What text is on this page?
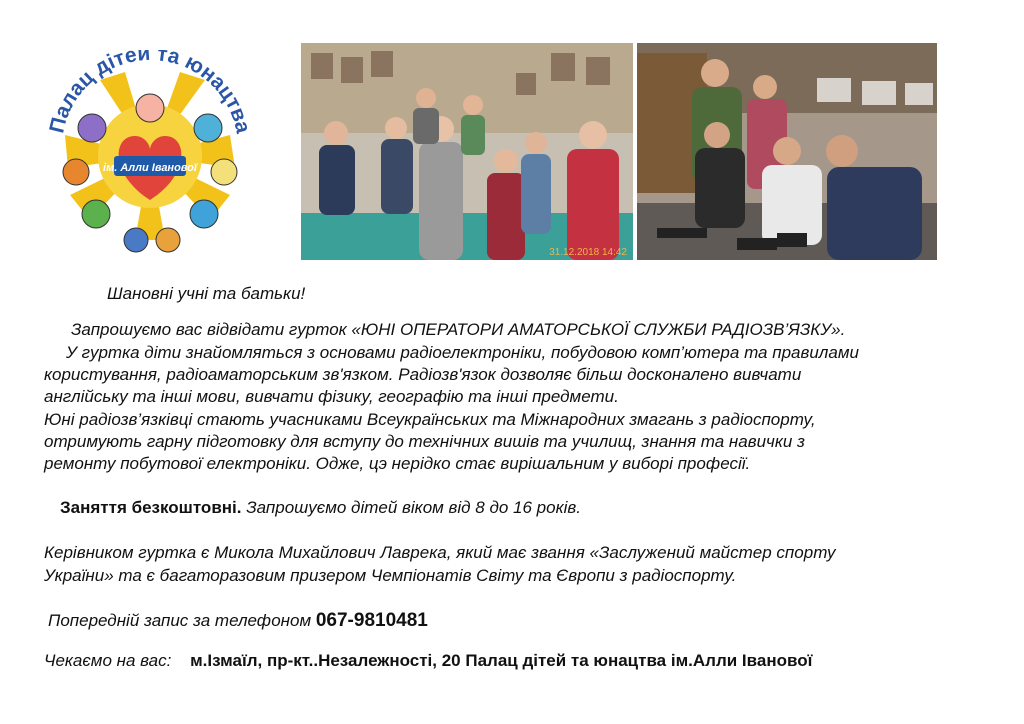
Палац дітей та юнацтва
ім. Алли Іванової
31.12.2018 14:42

Шановні учні та батьки!

Запрошуємо вас відвідати гурток «ЮНІ ОПЕРАТОРИ АМАТОРСЬКОЇ СЛУЖБИ РАДІОЗВ’ЯЗКУ».

У гуртка діти знайомляться з основами радіоелектроніки, побудовою комп’ютера та правилами

користування, радіоаматорським зв'язком. Радіозв'язок дозволяє більш досконалено вивчати

англійську та інші мови, вивчати фізику, географію та інші предмети.

Юні радіозв’язківці стають учасниками Всеукраїнських та Міжнародних змагань з радіоспорту,

отримують гарну підготовку для вступу до технічних вишів та училищ, знання та навички з

ремонту побутової електроніки. Одже, цэ нерідко стає вирішальним у виборі професії.

Заняття безкоштовні. Запрошуємо дітей віком від 8 до 16 років.

Керівником гуртка є Микола Михайлович Лаврека, який має звання «Заслужений майстер спорту

України» та є багаторазовим призером Чемпіонатів Світу та Європи з радіоспорту.

Попередній запис за телефоном 067-9810481

Чекаємо на вас: м.Ізмаїл, пр-кт..Незалежності, 20 Палац дітей та юнацтва ім.Алли Іванової
